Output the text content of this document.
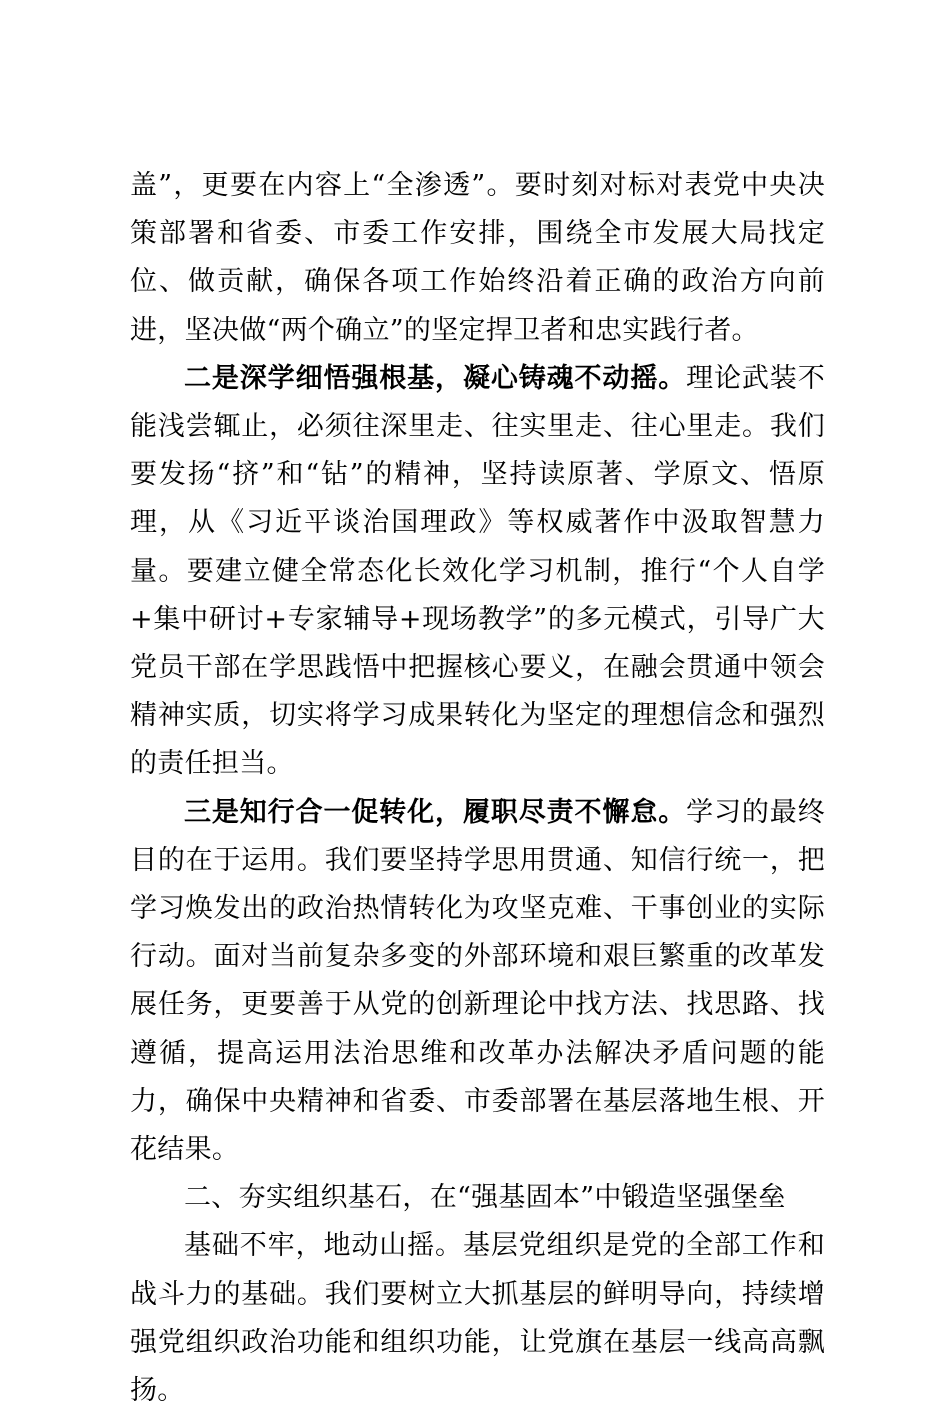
盖”，更要在内容上“全渗透”。要时刻对标对表党中央决策部署和省委、市委工作安排，围绕全市发展大局找定位、做贡献，确保各项工作始终沿着正确的政治方向前进，坚决做“两个确立”的坚定捍卫者和忠实践行者。

二是深学细悟强根基，凝心铸魂不动摇。理论武装不能浅尝辄止，必须往深里走、往实里走、往心里走。我们要发扬“挤”和“钻”的精神，坚持读原著、学原文、悟原理，从《习近平谈治国理政》等权威著作中汲取智慧力量。要建立健全常态化长效化学习机制，推行“个人自学+集中研讨+专家辅导+现场教学”的多元模式，引导广大党员干部在学思践悟中把握核心要义，在融会贯通中领会精神实质，切实将学习成果转化为坚定的理想信念和强烈的责任担当。

三是知行合一促转化，履职尽责不懈怠。学习的最终目的在于运用。我们要坚持学思用贯通、知信行统一，把学习焕发出的政治热情转化为攻坚克难、干事创业的实际行动。面对当前复杂多变的外部环境和艰巨繁重的改革发展任务，更要善于从党的创新理论中找方法、找思路、找遵循，提高运用法治思维和改革办法解决矛盾问题的能力，确保中央精神和省委、市委部署在基层落地生根、开花结果。

二、夯实组织基石，在“强基固本”中锻造坚强堡垒

基础不牢，地动山摇。基层党组织是党的全部工作和战斗力的基础。我们要树立大抓基层的鲜明导向，持续增强党组织政治功能和组织功能，让党旗在基层一线高高飘扬。
